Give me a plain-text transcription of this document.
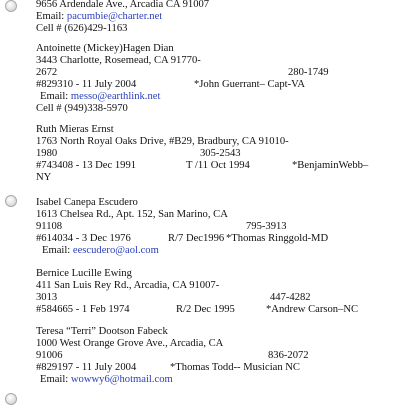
9656 Ardendale Ave., Arcadia CA 91007
Email: pacumbie@charter.net
Cell # (626)429-1163
Antoinette (Mickey)Hagen Dian
3443 Charlotte, Rosemead, CA 91770-
2672	280-1749
#829310 - 11 July 2004	*John Guerrant– Capt-VA
Email: messo@earthlink.net
Cell # (949)338-5970
Ruth Mieras Ernst
1763 North Royal Oaks Drive, #B29, Bradbury, CA 91010-
1980	305-2543
#743408 - 13 Dec 1991	T /11 Oct 1994	*BenjaminWebb–
NY
Isabel Canepa Escudero
1613 Chelsea Rd., Apt. 152, San Marino, CA
91108	795-3913
#614034 - 3 Dec 1976	R/7 Dec1996 *Thomas Ringgold-MD
Email: eescudero@aol.com
Bernice Lucille Ewing
411 San Luis Rey Rd., Arcadia, CA 91007-
3013	447-4282
#584665 - 1 Feb 1974	R/2 Dec 1995	*Andrew Carson–NC
Teresa “Terri” Dootson Fabeck
1000 West Orange Grove Ave., Arcadia, CA
91006	836-2072
#829197 - 11 July 2004	*Thomas Todd-- Musician NC
Email: wowwy6@hotmail.com
